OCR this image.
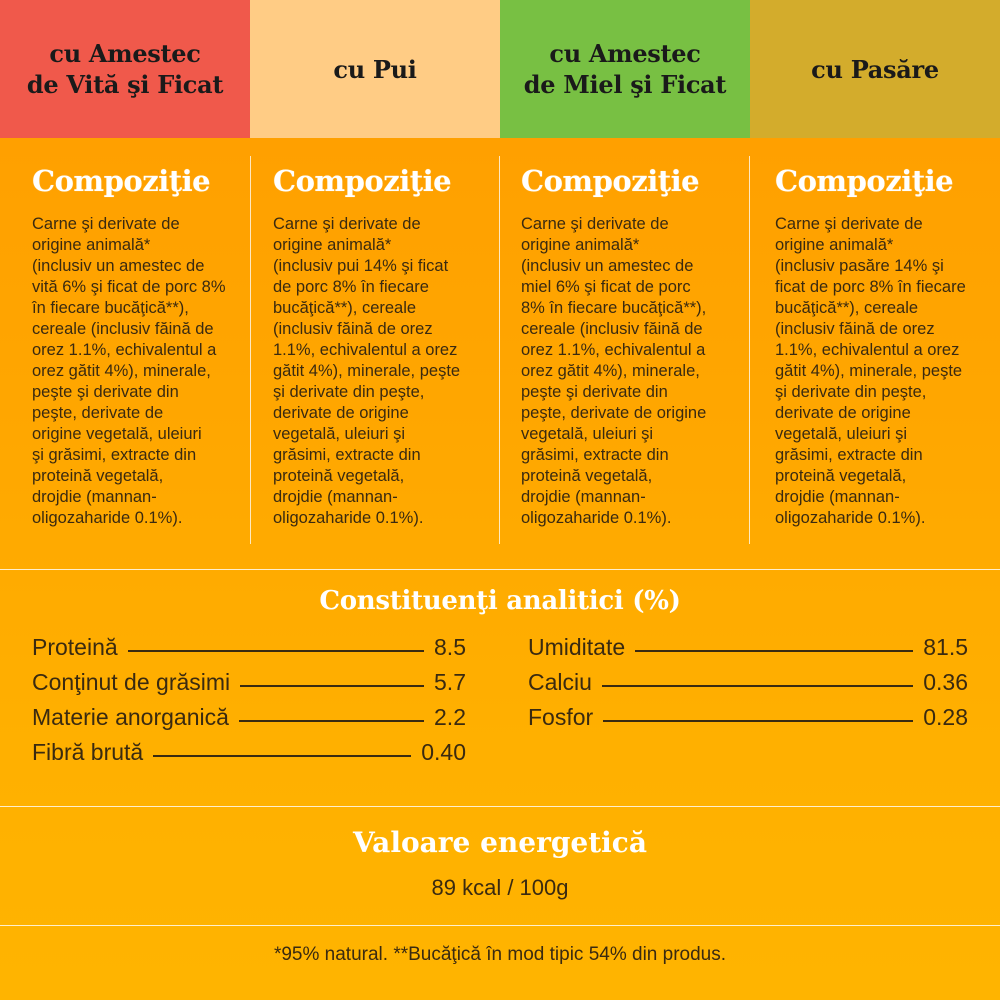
cu Amestec
de Vită şi Ficat
cu Pui
cu Amestec
de Miel şi Ficat
cu Pasăre
Compoziţie

Carne şi derivate de
origine animală*
(inclusiv un amestec de
vită 6% şi ficat de porc 8%
în fiecare bucăţică**),
cereale (inclusiv făină de
orez 1.1%, echivalentul a
orez gătit 4%), minerale,
peşte şi derivate din
peşte, derivate de
origine vegetală, uleiuri
şi grăsimi, extracte din
proteină vegetală,
drojdie (mannan-
oligozaharide 0.1%).

Compoziţie

Carne şi derivate de
origine animală*
(inclusiv pui 14% şi ficat
de porc 8% în fiecare
bucăţică**), cereale
(inclusiv făină de orez
1.1%, echivalentul a orez
gătit 4%), minerale, peşte
şi derivate din peşte,
derivate de origine
vegetală, uleiuri şi
grăsimi, extracte din
proteină vegetală,
drojdie (mannan-
oligozaharide 0.1%).

Compoziţie

Carne şi derivate de
origine animală*
(inclusiv un amestec de
miel 6% şi ficat de porc
8% în fiecare bucăţică**),
cereale (inclusiv făină de
orez 1.1%, echivalentul a
orez gătit 4%), minerale,
peşte şi derivate din
peşte, derivate de origine
vegetală, uleiuri şi
grăsimi, extracte din
proteină vegetală,
drojdie (mannan-
oligozaharide 0.1%).

Compoziţie

Carne şi derivate de
origine animală*
(inclusiv pasăre 14% şi
ficat de porc 8% în fiecare
bucăţică**), cereale
(inclusiv făină de orez
1.1%, echivalentul a orez
gătit 4%), minerale, peşte
şi derivate din peşte,
derivate de origine
vegetală, uleiuri şi
grăsimi, extracte din
proteină vegetală,
drojdie (mannan-
oligozaharide 0.1%).

Constituenţi analitici (%)
Proteină	8.5
Conţinut de grăsimi	5.7
Materie anorganică	2.2
Fibră brută	0.40
Umiditate	81.5
Calciu	0.36
Fosfor	0.28
Valoare energetică
89 kcal / 100g
*95% natural. **Bucăţică în mod tipic 54% din produs.
